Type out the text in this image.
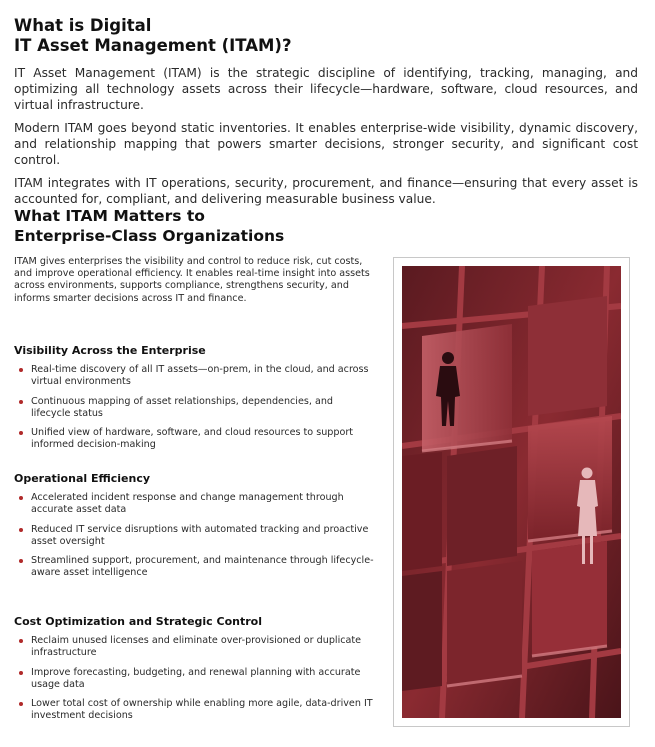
What is Digital
IT Asset Management (ITAM)?

IT Asset Management (ITAM) is the strategic discipline of identifying, tracking, managing, and optimizing all technology assets across their lifecycle—hardware, software, cloud resources, and virtual infrastructure.

Modern ITAM goes beyond static inventories. It enables enterprise-wide visibility, dynamic discovery, and relationship mapping that powers smarter decisions, stronger security, and significant cost control.

ITAM integrates with IT operations, security, procurement, and finance—ensuring that every asset is accounted for, compliant, and delivering measurable business value.

What ITAM Matters to
Enterprise-Class Organizations

ITAM gives enterprises the visibility and control to reduce risk, cut costs, and improve operational efficiency. It enables real-time insight into assets across environments, supports compliance, strengthens security, and informs smarter decisions across IT and finance.

Visibility Across the Enterprise
Real-time discovery of all IT assets—on-prem, in the cloud, and across virtual environments
Continuous mapping of asset relationships, dependencies, and lifecycle status
Unified view of hardware, software, and cloud resources to support informed decision-making
Operational Efficiency
Accelerated incident response and change management through accurate asset data
Reduced IT service disruptions with automated tracking and proactive asset oversight
Streamlined support, procurement, and maintenance through lifecycle-aware asset intelligence
Cost Optimization and Strategic Control
Reclaim unused licenses and eliminate over-provisioned or duplicate infrastructure
Improve forecasting, budgeting, and renewal planning with accurate usage data
Lower total cost of ownership while enabling more agile, data-driven IT investment decisions
